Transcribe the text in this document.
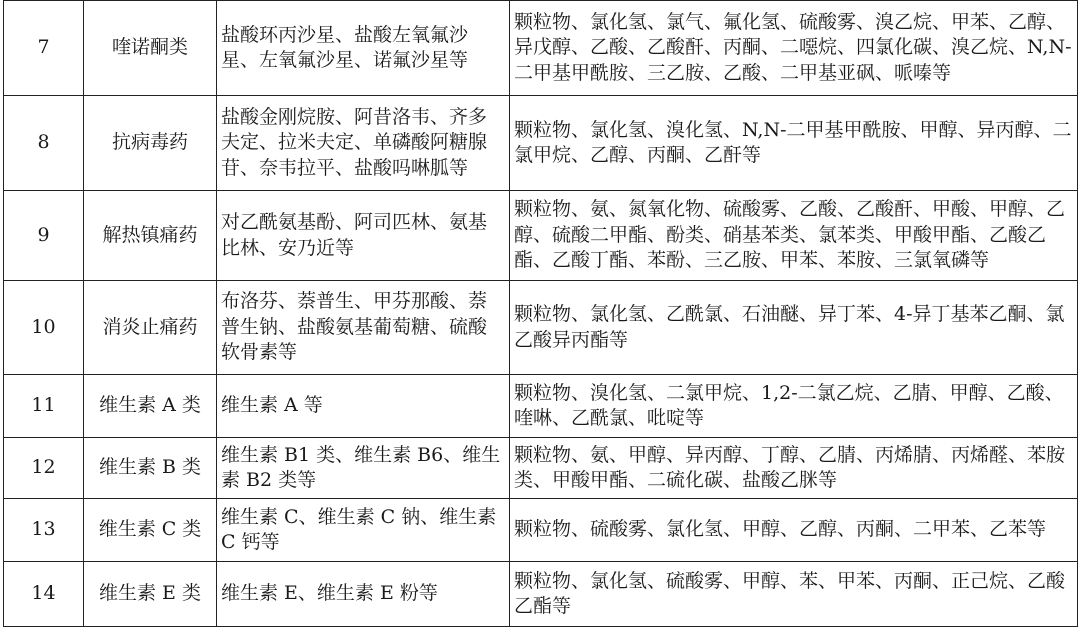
7	喹诺酮类	盐酸环丙沙星、盐酸左氧氟沙星、左氧氟沙星、诺氟沙星等	颗粒物、氯化氢、氯气、氟化氢、硫酸雾、溴乙烷、甲苯、乙醇、异戊醇、乙酸、乙酸酐、丙酮、二噁烷、四氯化碳、溴乙烷、N,N-二甲基甲酰胺、三乙胺、乙酸、二甲基亚砜、哌嗪等
8	抗病毒药	盐酸金刚烷胺、阿昔洛韦、齐多夫定、拉米夫定、单磷酸阿糖腺苷、奈韦拉平、盐酸吗啉胍等	颗粒物、氯化氢、溴化氢、N,N-二甲基甲酰胺、甲醇、异丙醇、二氯甲烷、乙醇、丙酮、乙酐等
9	解热镇痛药	对乙酰氨基酚、阿司匹林、氨基比林、安乃近等	颗粒物、氨、氮氧化物、硫酸雾、乙酸、乙酸酐、甲酸、甲醇、乙醇、硫酸二甲酯、酚类、硝基苯类、氯苯类、甲酸甲酯、乙酸乙酯、乙酸丁酯、苯酚、三乙胺、甲苯、苯胺、三氯氧磷等
10	消炎止痛药	布洛芬、萘普生、甲芬那酸、萘普生钠、盐酸氨基葡萄糖、硫酸软骨素等	颗粒物、氯化氢、乙酰氯、石油醚、异丁苯、4-异丁基苯乙酮、氯乙酸异丙酯等
11	维生素 A 类	维生素 A 等	颗粒物、溴化氢、二氯甲烷、1,2-二氯乙烷、乙腈、甲醇、乙酸、喹啉、乙酰氯、吡啶等
12	维生素 B 类	维生素 B1 类、维生素 B6、维生素 B2 类等	颗粒物、氨、甲醇、异丙醇、丁醇、乙腈、丙烯腈、丙烯醛、苯胺类、甲酸甲酯、二硫化碳、盐酸乙脒等
13	维生素 C 类	维生素 C、维生素 C 钠、维生素 C 钙等	颗粒物、硫酸雾、氯化氢、甲醇、乙醇、丙酮、二甲苯、乙苯等
14	维生素 E 类	维生素 E、维生素 E 粉等	颗粒物、氯化氢、硫酸雾、甲醇、苯、甲苯、丙酮、正己烷、乙酸乙酯等
